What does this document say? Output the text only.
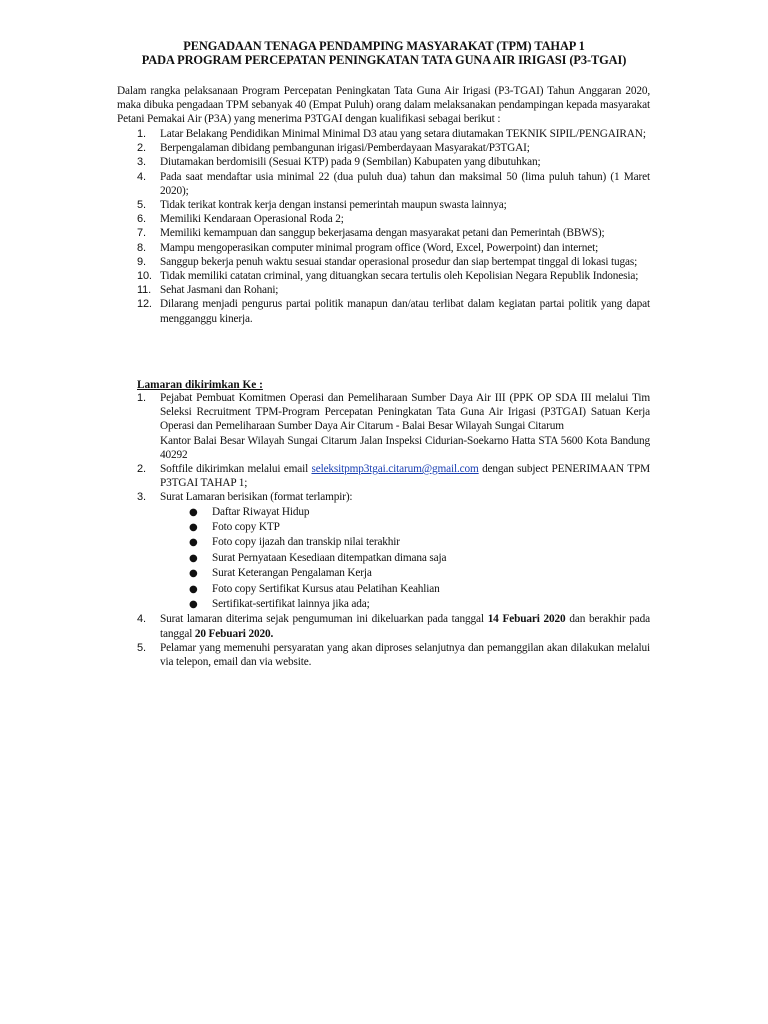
PENGADAAN TENAGA PENDAMPING MASYARAKAT (TPM) TAHAP 1
PADA PROGRAM PERCEPATAN PENINGKATAN TATA GUNA AIR IRIGASI (P3-TGAI)
Dalam rangka pelaksanaan Program Percepatan Peningkatan Tata Guna Air Irigasi (P3-TGAI) Tahun Anggaran 2020, maka dibuka pengadaan TPM sebanyak 40 (Empat Puluh) orang dalam melaksanakan pendampingan kepada masyarakat Petani Pemakai Air (P3A) yang menerima P3TGAI dengan kualifikasi sebagai berikut :
1.	Latar Belakang Pendidikan Minimal Minimal D3 atau yang setara diutamakan TEKNIK SIPIL/PENGAIRAN;
2.	Berpengalaman dibidang pembangunan irigasi/Pemberdayaan Masyarakat/P3TGAI;
3.	Diutamakan berdomisili (Sesuai KTP) pada 9 (Sembilan) Kabupaten yang dibutuhkan;
4.	Pada saat mendaftar usia minimal 22 (dua puluh dua) tahun dan maksimal 50 (lima puluh tahun) (1 Maret 2020);
5.	Tidak terikat kontrak kerja dengan instansi pemerintah maupun swasta lainnya;
6.	Memiliki Kendaraan Operasional Roda 2;
7.	Memiliki kemampuan dan sanggup bekerjasama dengan masyarakat petani dan Pemerintah (BBWS);
8.	Mampu mengoperasikan computer minimal program office (Word, Excel, Powerpoint) dan internet;
9.	Sanggup bekerja penuh waktu sesuai standar operasional prosedur dan siap bertempat tinggal di lokasi tugas;
10. Tidak memiliki catatan criminal, yang dituangkan secara tertulis oleh Kepolisian Negara Republik Indonesia;
11. Sehat Jasmani dan Rohani;
12. Dilarang menjadi pengurus partai politik manapun dan/atau terlibat dalam kegiatan partai politik yang dapat mengganggu kinerja.
Lamaran dikirimkan Ke :
1.	Pejabat Pembuat Komitmen Operasi dan Pemeliharaan Sumber Daya Air III (PPK OP SDA III melalui Tim Seleksi Recruitment TPM-Program Percepatan Peningkatan Tata Guna Air Irigasi (P3TGAI) Satuan Kerja Operasi dan Pemeliharaan Sumber Daya Air Citarum - Balai Besar Wilayah Sungai Citarum
Kantor Balai Besar Wilayah Sungai Citarum Jalan Inspeksi Cidurian-Soekarno Hatta STA 5600 Kota Bandung 40292
2.	Softfile dikirimkan melalui email seleksitpmp3tgai.citarum@gmail.com dengan subject PENERIMAAN TPM P3TGAI TAHAP 1;
3.	Surat Lamaran berisikan (format terlampir):
● Daftar Riwayat Hidup
● Foto copy KTP
● Foto copy ijazah dan transkip nilai terakhir
● Surat Pernyataan Kesediaan ditempatkan dimana saja
● Surat Keterangan Pengalaman Kerja
● Foto copy Sertifikat Kursus atau Pelatihan Keahlian
● Sertifikat-sertifikat lainnya jika ada;
4.	Surat lamaran diterima sejak pengumuman ini dikeluarkan pada tanggal 14 Febuari 2020 dan berakhir pada tanggal 20 Febuari 2020.
5.	Pelamar yang memenuhi persyaratan yang akan diproses selanjutnya dan pemanggilan akan dilakukan melalui via telepon, email dan via website.
